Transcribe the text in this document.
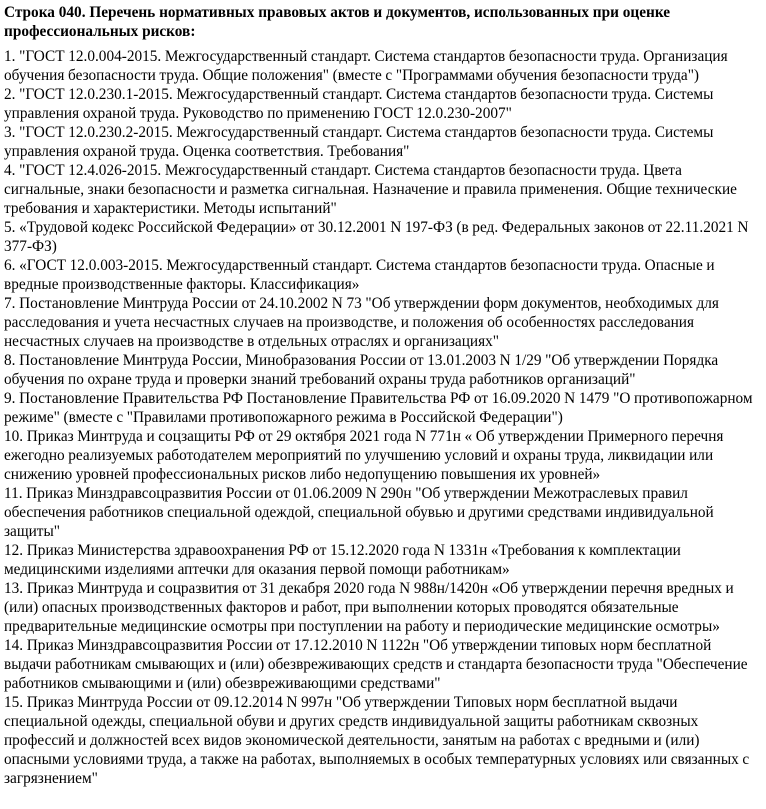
Строка 040. Перечень нормативных правовых актов и документов, использованных при оценке профессиональных рисков:

1. "ГОСТ 12.0.004-2015. Межгосударственный стандарт. Система стандартов безопасности труда. Организация обучения безопасности труда. Общие положения" (вместе с "Программами обучения безопасности труда")

2. "ГОСТ 12.0.230.1-2015. Межгосударственный стандарт. Система стандартов безопасности труда. Системы управления охраной труда. Руководство по применению ГОСТ 12.0.230-2007"

3. "ГОСТ 12.0.230.2-2015. Межгосударственный стандарт. Система стандартов безопасности труда. Системы управления охраной труда. Оценка соответствия. Требования"

4. "ГОСТ 12.4.026-2015. Межгосударственный стандарт. Система стандартов безопасности труда. Цвета сигнальные, знаки безопасности и разметка сигнальная. Назначение и правила применения. Общие технические требования и характеристики. Методы испытаний"

5. «Трудовой кодекс Российской Федерации» от 30.12.2001 N 197-ФЗ (в ред. Федеральных законов от 22.11.2021 N 377-ФЗ)

6. «ГОСТ 12.0.003-2015. Межгосударственный стандарт. Система стандартов безопасности труда. Опасные и вредные производственные факторы. Классификация»

7. Постановление Минтруда России от 24.10.2002 N 73 "Об утверждении форм документов, необходимых для расследования и учета несчастных случаев на производстве, и положения об особенностях расследования несчастных случаев на производстве в отдельных отраслях и организациях"

8. Постановление Минтруда России, Минобразования России от 13.01.2003 N 1/29 "Об утверждении Порядка обучения по охране труда и проверки знаний требований охраны труда работников организаций"

9. Постановление Правительства РФ Постановление Правительства РФ от 16.09.2020 N 1479 "О противопожарном режиме" (вместе с "Правилами противопожарного режима в Российской Федерации")

10. Приказ Минтруда и соцзащиты РФ от 29 октября 2021 года N 771н « Об утверждении Примерного перечня ежегодно реализуемых работодателем мероприятий по улучшению условий и охраны труда, ликвидации или снижению уровней профессиональных рисков либо недопущению повышения их уровней»

11. Приказ Минздравсоцразвития России от 01.06.2009 N 290н "Об утверждении Межотраслевых правил обеспечения работников специальной одеждой, специальной обувью и другими средствами индивидуальной защиты"

12. Приказ Министерства здравоохранения РФ от 15.12.2020 года N 1331н «Требования к комплектации медицинскими изделиями аптечки для оказания первой помощи работникам»

13. Приказ Минтруда и соцразвития от 31 декабря 2020 года N 988н/1420н «Об утверждении перечня вредных и (или) опасных производственных факторов и работ, при выполнении которых проводятся обязательные предварительные медицинские осмотры при поступлении на работу и периодические медицинские осмотры»

14. Приказ Минздравсоцразвития России от 17.12.2010 N 1122н "Об утверждении типовых норм бесплатной выдачи работникам смывающих и (или) обезвреживающих средств и стандарта безопасности труда "Обеспечение работников смывающими и (или) обезвреживающими средствами"

15. Приказ Минтруда России от 09.12.2014 N 997н "Об утверждении Типовых норм бесплатной выдачи специальной одежды, специальной обуви и других средств индивидуальной защиты работникам сквозных профессий и должностей всех видов экономической деятельности, занятым на работах с вредными и (или) опасными условиями труда, а также на работах, выполняемых в особых температурных условиях или связанных с загрязнением"
